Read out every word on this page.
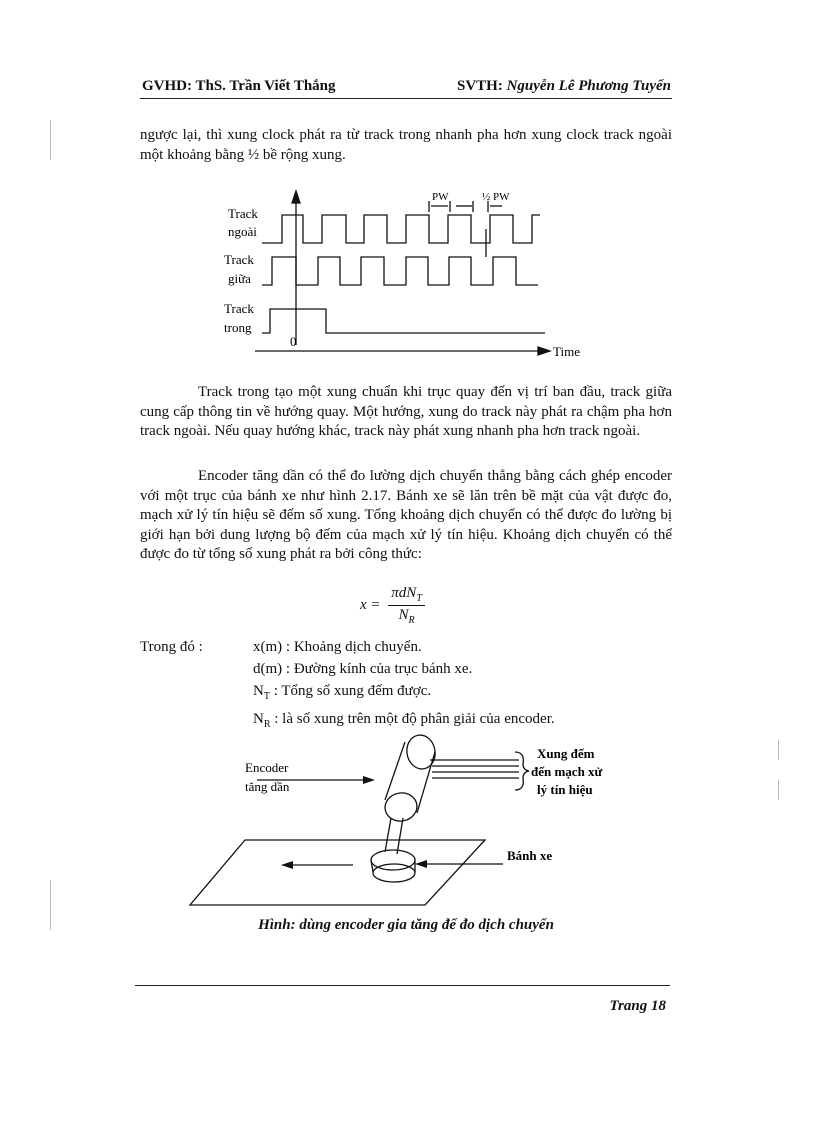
GVHD: ThS. Trần Viết Thắng	SVTH: Nguyễn Lê Phương Tuyến

ngược lại, thì xung clock phát ra từ track trong nhanh pha hơn xung clock track ngoài một khoảng bằng ½ bề rộng xung.

Track
ngoài
Track
giữa
Track
trong
0
Time
PW	½ PW

Track trong tạo một xung chuẩn khi trục quay đến vị trí ban đầu, track giữa cung cấp thông tin về hướng quay. Một hướng, xung do track này phát ra chậm pha hơn track ngoài. Nếu quay hướng khác, track này phát xung nhanh pha hơn track ngoài.

Encoder tăng dần có thể đo lường dịch chuyển thẳng bằng cách ghép encoder với một trục của bánh xe như hình 2.17. Bánh xe sẽ lăn trên bề mặt của vật được đo, mạch xử lý tín hiệu sẽ đếm số xung. Tổng khoảng dịch chuyển có thể được đo lường bị giới hạn bởi dung lượng bộ đếm của mạch xử lý tín hiệu. Khoảng dịch chuyển có thể được đo từ tổng số xung phát ra bởi công thức:

$x = \frac{\pi dN_T}{N_R}$
Trong đó :	x(m) : Khoảng dịch chuyển.
d(m) : Đường kính của trục bánh xe.
$N_T$ : Tổng số xung đếm được.
$N_R$ : là số xung trên một độ phân giải của encoder.
Encoder
tăng dần
Xung đếm
đến mạch xử
lý tín hiệu
Bánh xe
Hình: dùng encoder gia tăng để đo dịch chuyển
Trang 18
